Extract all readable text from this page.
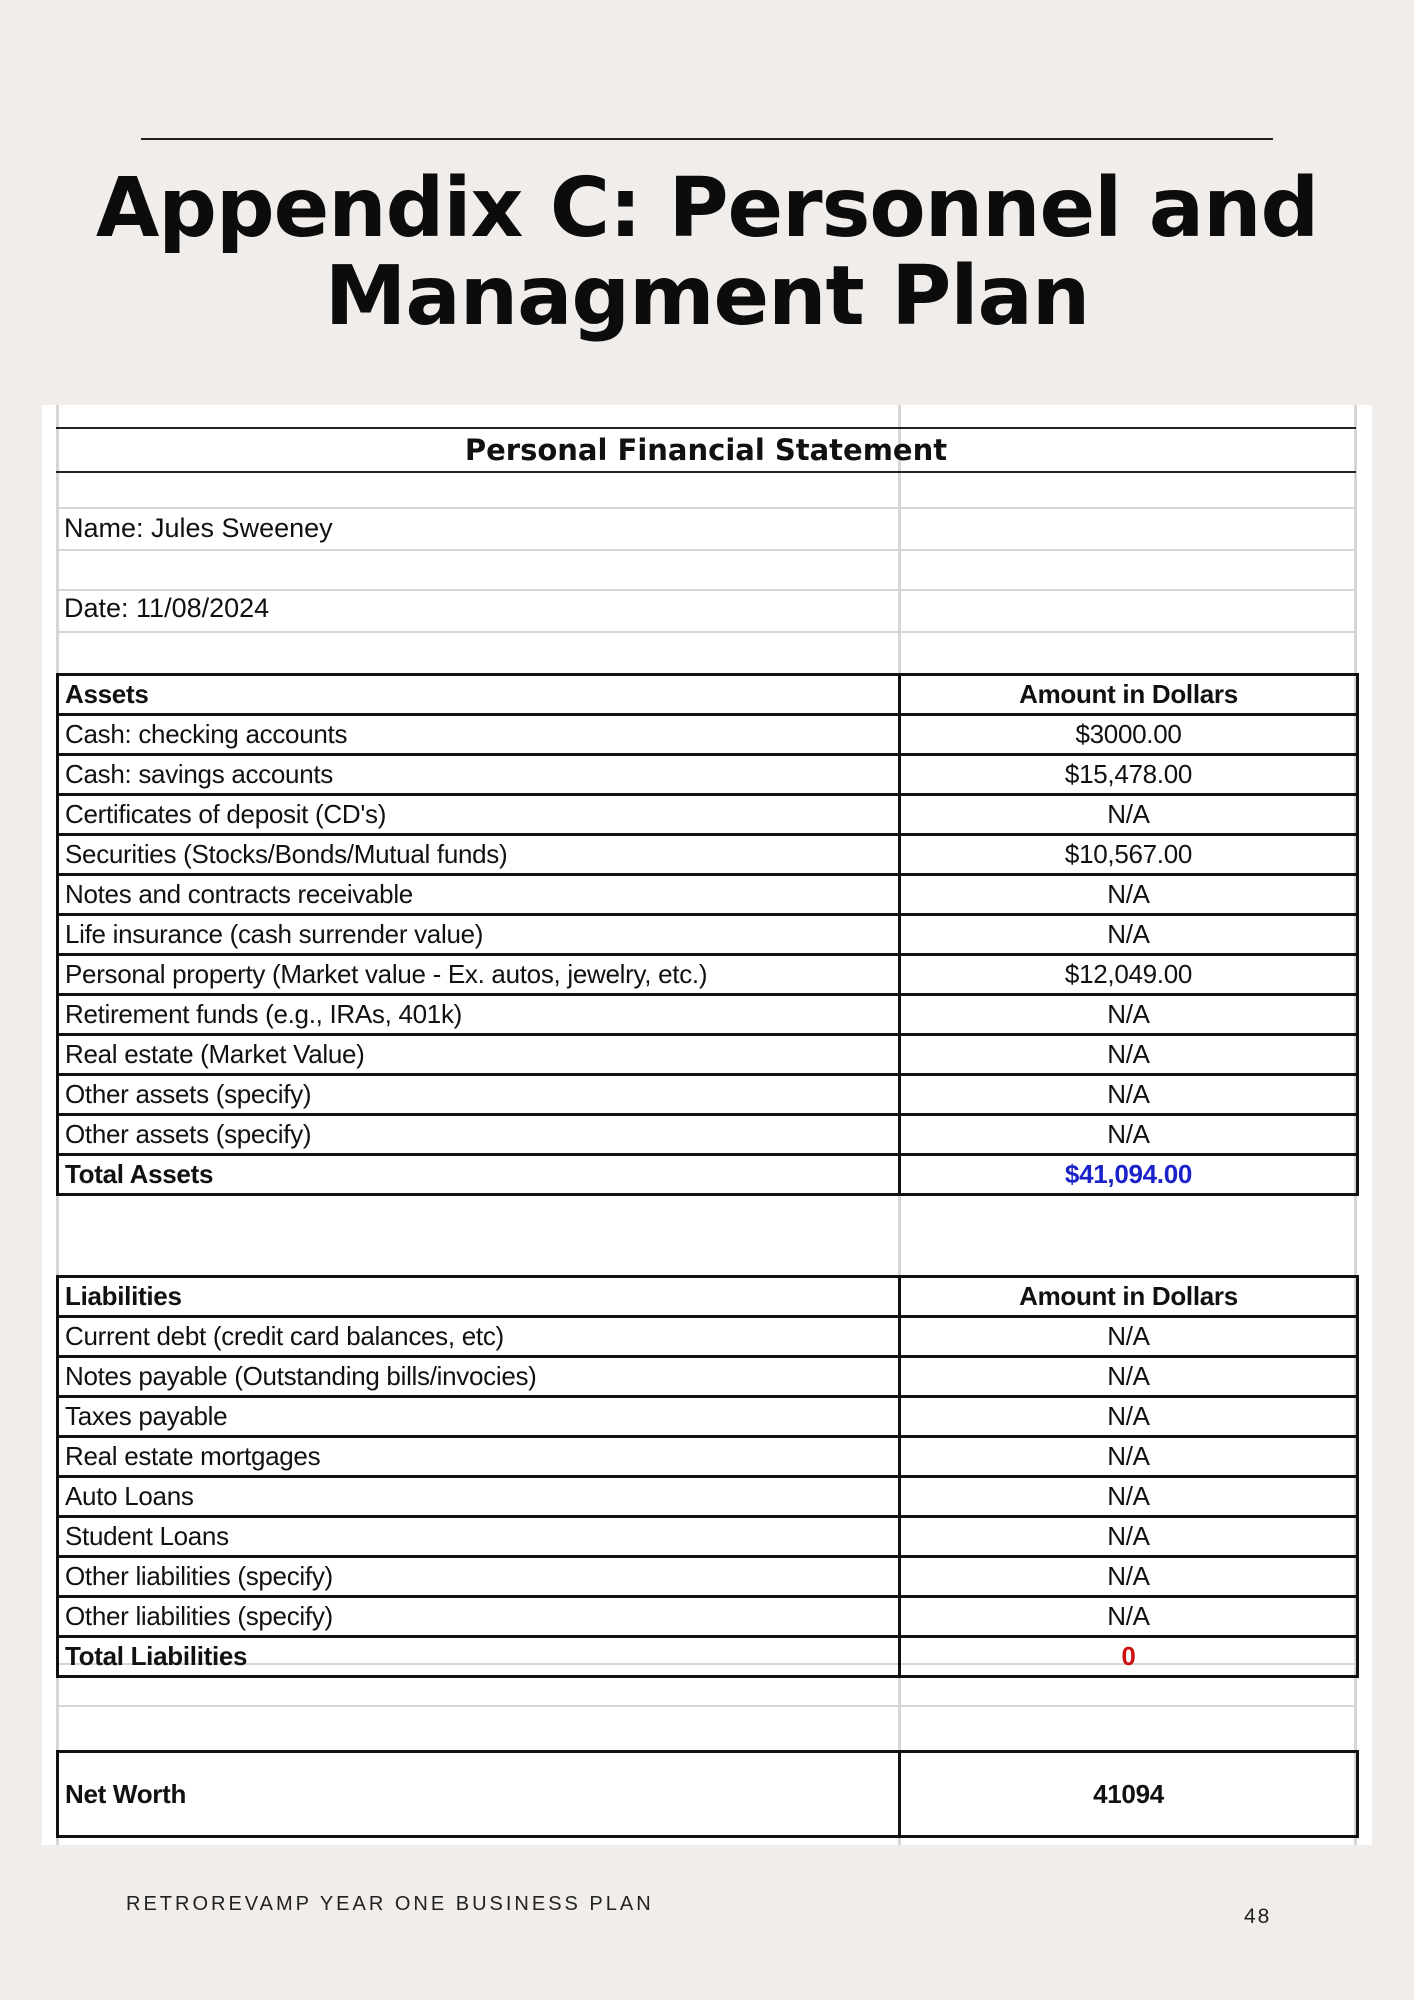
Appendix C: Personnel and
Managment Plan
Personal Financial Statement
Name: Jules Sweeney
Date: 11/08/2024
Assets	Amount in Dollars
Cash: checking accounts	$3000.00
Cash: savings accounts	$15,478.00
Certificates of deposit (CD's)	N/A
Securities (Stocks/Bonds/Mutual funds)	$10,567.00
Notes and contracts receivable	N/A
Life insurance (cash surrender value)	N/A
Personal property (Market value - Ex. autos, jewelry, etc.)	$12,049.00
Retirement funds (e.g., IRAs, 401k)	N/A
Real estate (Market Value)	N/A
Other assets (specify)	N/A
Other assets (specify)	N/A
Total Assets	$41,094.00
Liabilities	Amount in Dollars
Current debt (credit card balances, etc)	N/A
Notes payable (Outstanding bills/invocies)	N/A
Taxes payable	N/A
Real estate mortgages	N/A
Auto Loans	N/A
Student Loans	N/A
Other liabilities (specify)	N/A
Other liabilities (specify)	N/A
Total Liabilities	0
Net Worth	41094
RETROREVAMP YEAR ONE BUSINESS PLAN
48
